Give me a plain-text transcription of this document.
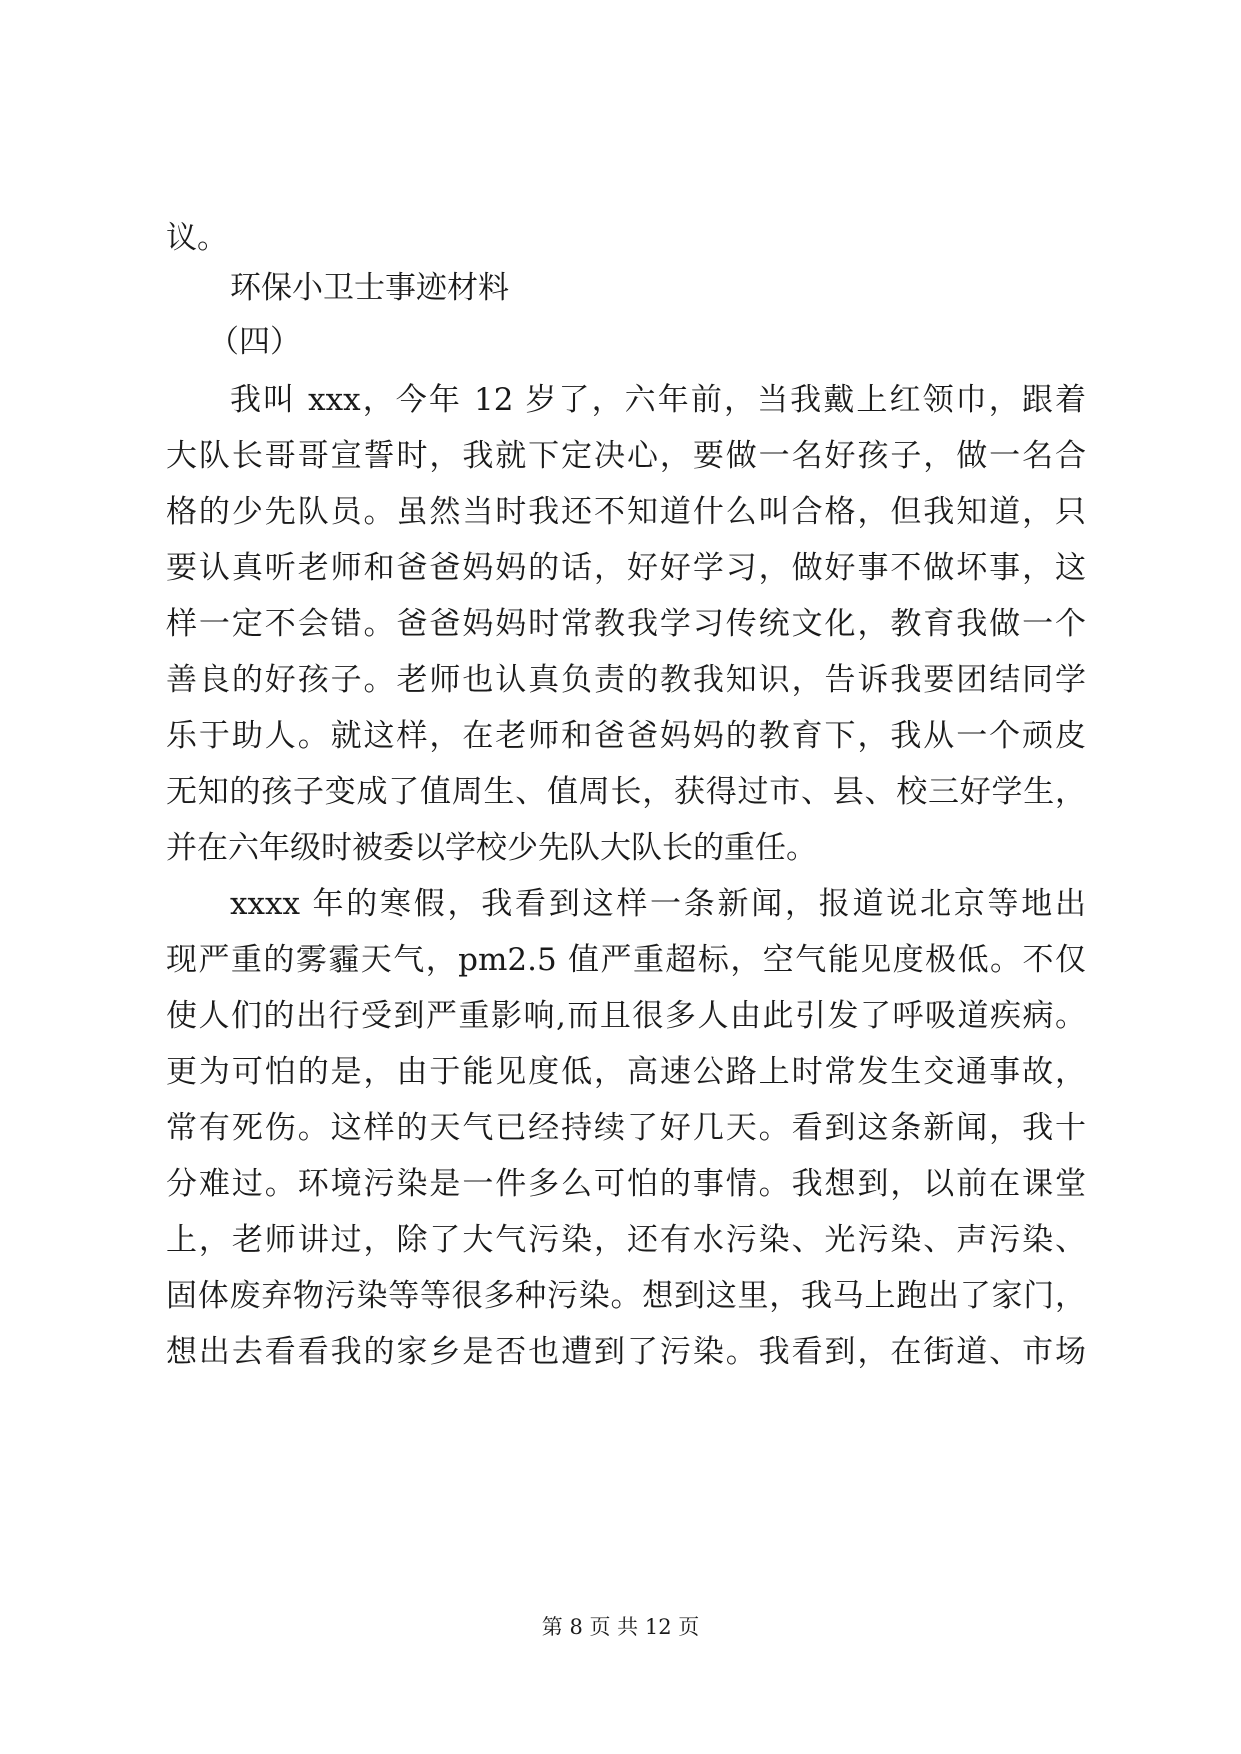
议。
环保小卫士事迹材料
（四）
我叫 xxx，今年 12 岁了，六年前，当我戴上红领巾，跟着
大队长哥哥宣誓时，我就下定决心，要做一名好孩子，做一名合
格的少先队员。虽然当时我还不知道什么叫合格，但我知道，只
要认真听老师和爸爸妈妈的话，好好学习，做好事不做坏事，这
样一定不会错。爸爸妈妈时常教我学习传统文化，教育我做一个
善良的好孩子。老师也认真负责的教我知识，告诉我要团结同学
乐于助人。就这样，在老师和爸爸妈妈的教育下，我从一个顽皮
无知的孩子变成了值周生、值周长，获得过市、县、校三好学生，
并在六年级时被委以学校少先队大队长的重任。
xxxx 年的寒假，我看到这样一条新闻，报道说北京等地出
现严重的雾霾天气，pm2.5 值严重超标，空气能见度极低。不仅
使人们的出行受到严重影响,而且很多人由此引发了呼吸道疾病。
更为可怕的是，由于能见度低，高速公路上时常发生交通事故，
常有死伤。这样的天气已经持续了好几天。看到这条新闻，我十
分难过。环境污染是一件多么可怕的事情。我想到，以前在课堂
上，老师讲过，除了大气污染，还有水污染、光污染、声污染、
固体废弃物污染等等很多种污染。想到这里，我马上跑出了家门，
想出去看看我的家乡是否也遭到了污染。我看到，在街道、市场
第 8 页 共 12 页
